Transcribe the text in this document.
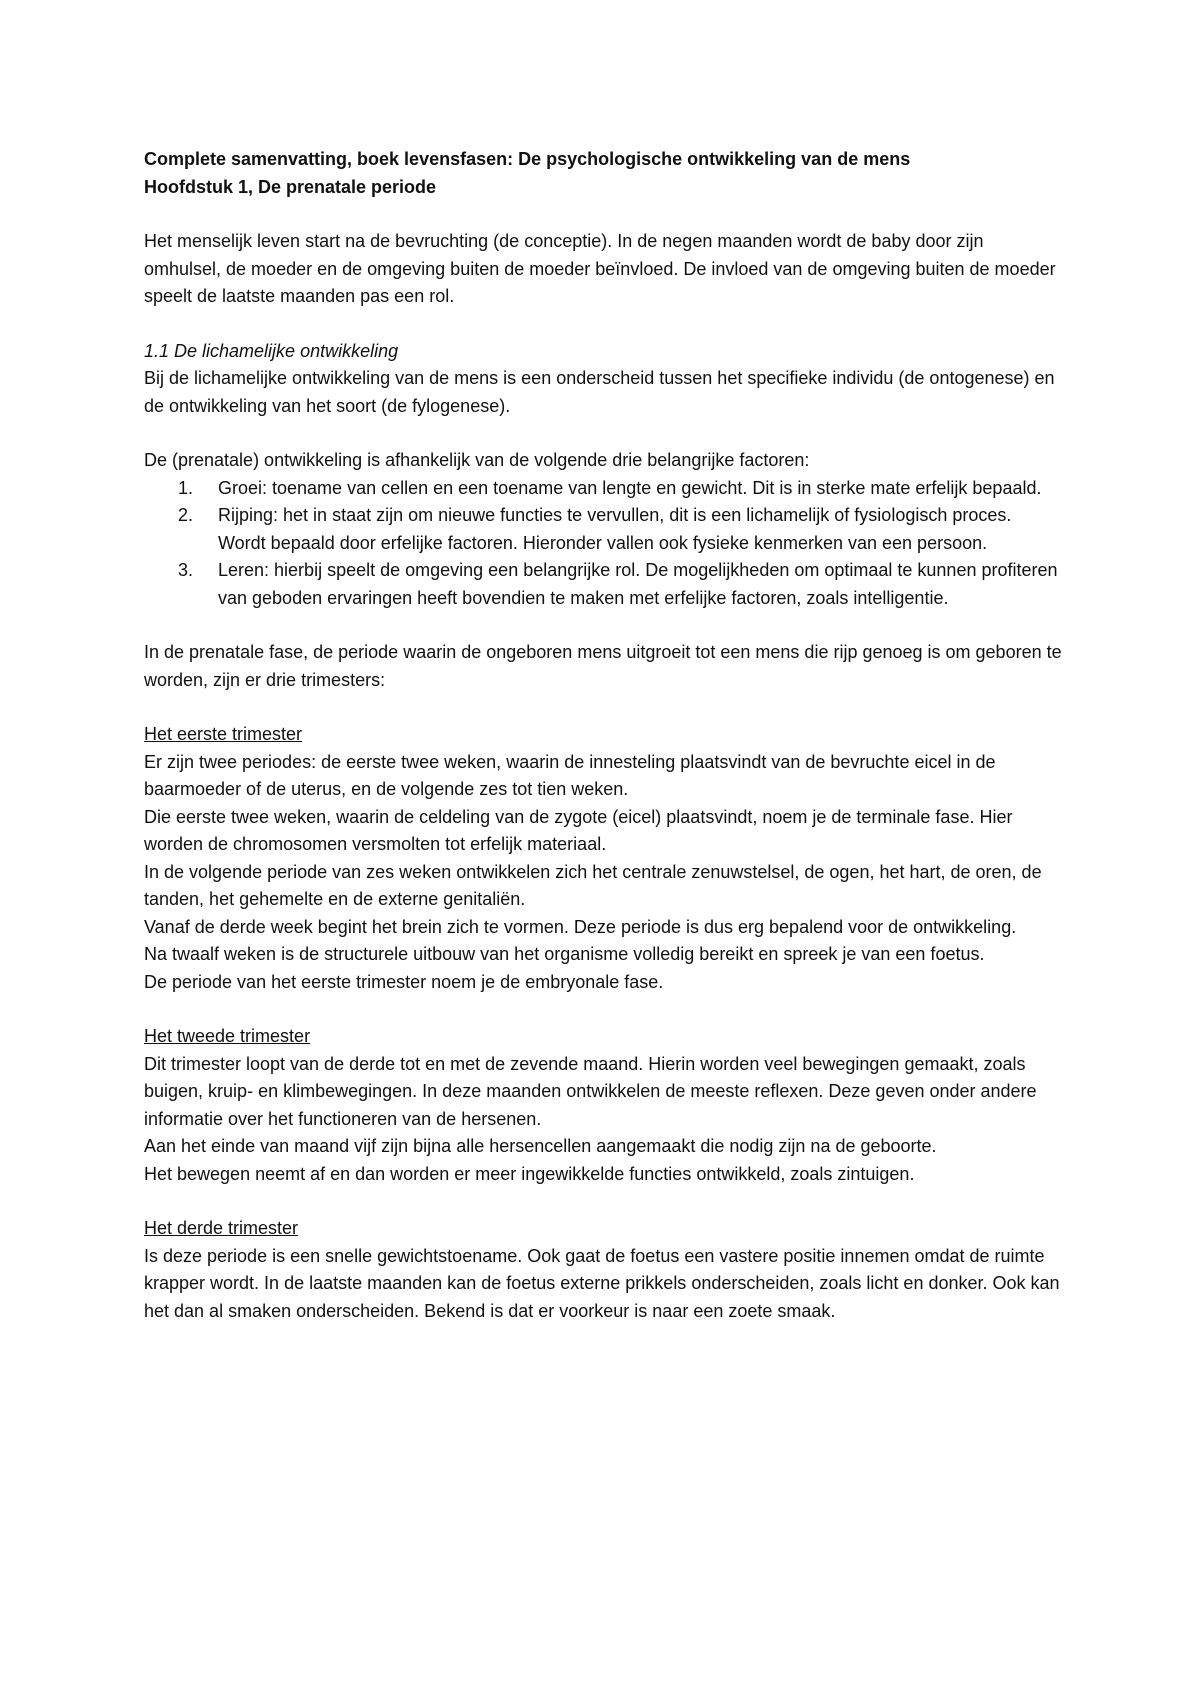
Complete samenvatting, boek levensfasen: De psychologische ontwikkeling van de mens

Hoofdstuk 1, De prenatale periode

Het menselijk leven start na de bevruchting (de conceptie). In de negen maanden wordt de baby door zijn omhulsel, de moeder en de omgeving buiten de moeder beïnvloed. De invloed van de omgeving buiten de moeder speelt de laatste maanden pas een rol.

1.1 De lichamelijke ontwikkeling

Bij de lichamelijke ontwikkeling van de mens is een onderscheid tussen het specifieke individu (de ontogenese) en de ontwikkeling van het soort (de fylogenese).

De (prenatale) ontwikkeling is afhankelijk van de volgende drie belangrijke factoren:

1. Groei: toename van cellen en een toename van lengte en gewicht. Dit is in sterke mate erfelijk bepaald.
2. Rijping: het in staat zijn om nieuwe functies te vervullen, dit is een lichamelijk of fysiologisch proces. Wordt bepaald door erfelijke factoren. Hieronder vallen ook fysieke kenmerken van een persoon.
3. Leren: hierbij speelt de omgeving een belangrijke rol. De mogelijkheden om optimaal te kunnen profiteren van geboden ervaringen heeft bovendien te maken met erfelijke factoren, zoals intelligentie.

In de prenatale fase, de periode waarin de ongeboren mens uitgroeit tot een mens die rijp genoeg is om geboren te worden, zijn er drie trimesters:

Het eerste trimester

Er zijn twee periodes: de eerste twee weken, waarin de innesteling plaatsvindt van de bevruchte eicel in de baarmoeder of de uterus, en de volgende zes tot tien weken.

Die eerste twee weken, waarin de celdeling van de zygote (eicel) plaatsvindt, noem je de terminale fase. Hier worden de chromosomen versmolten tot erfelijk materiaal.

In de volgende periode van zes weken ontwikkelen zich het centrale zenuwstelsel, de ogen, het hart, de oren, de tanden, het gehemelte en de externe genitaliën.

Vanaf de derde week begint het brein zich te vormen. Deze periode is dus erg bepalend voor de ontwikkeling.

Na twaalf weken is de structurele uitbouw van het organisme volledig bereikt en spreek je van een foetus.

De periode van het eerste trimester noem je de embryonale fase.

Het tweede trimester

Dit trimester loopt van de derde tot en met de zevende maand. Hierin worden veel bewegingen gemaakt, zoals buigen, kruip- en klimbewegingen. In deze maanden ontwikkelen de meeste reflexen. Deze geven onder andere informatie over het functioneren van de hersenen.

Aan het einde van maand vijf zijn bijna alle hersencellen aangemaakt die nodig zijn na de geboorte.

Het bewegen neemt af en dan worden er meer ingewikkelde functies ontwikkeld, zoals zintuigen.

Het derde trimester

Is deze periode is een snelle gewichtstoename. Ook gaat de foetus een vastere positie innemen omdat de ruimte krapper wordt. In de laatste maanden kan de foetus externe prikkels onderscheiden, zoals licht en donker. Ook kan het dan al smaken onderscheiden. Bekend is dat er voorkeur is naar een zoete smaak.
